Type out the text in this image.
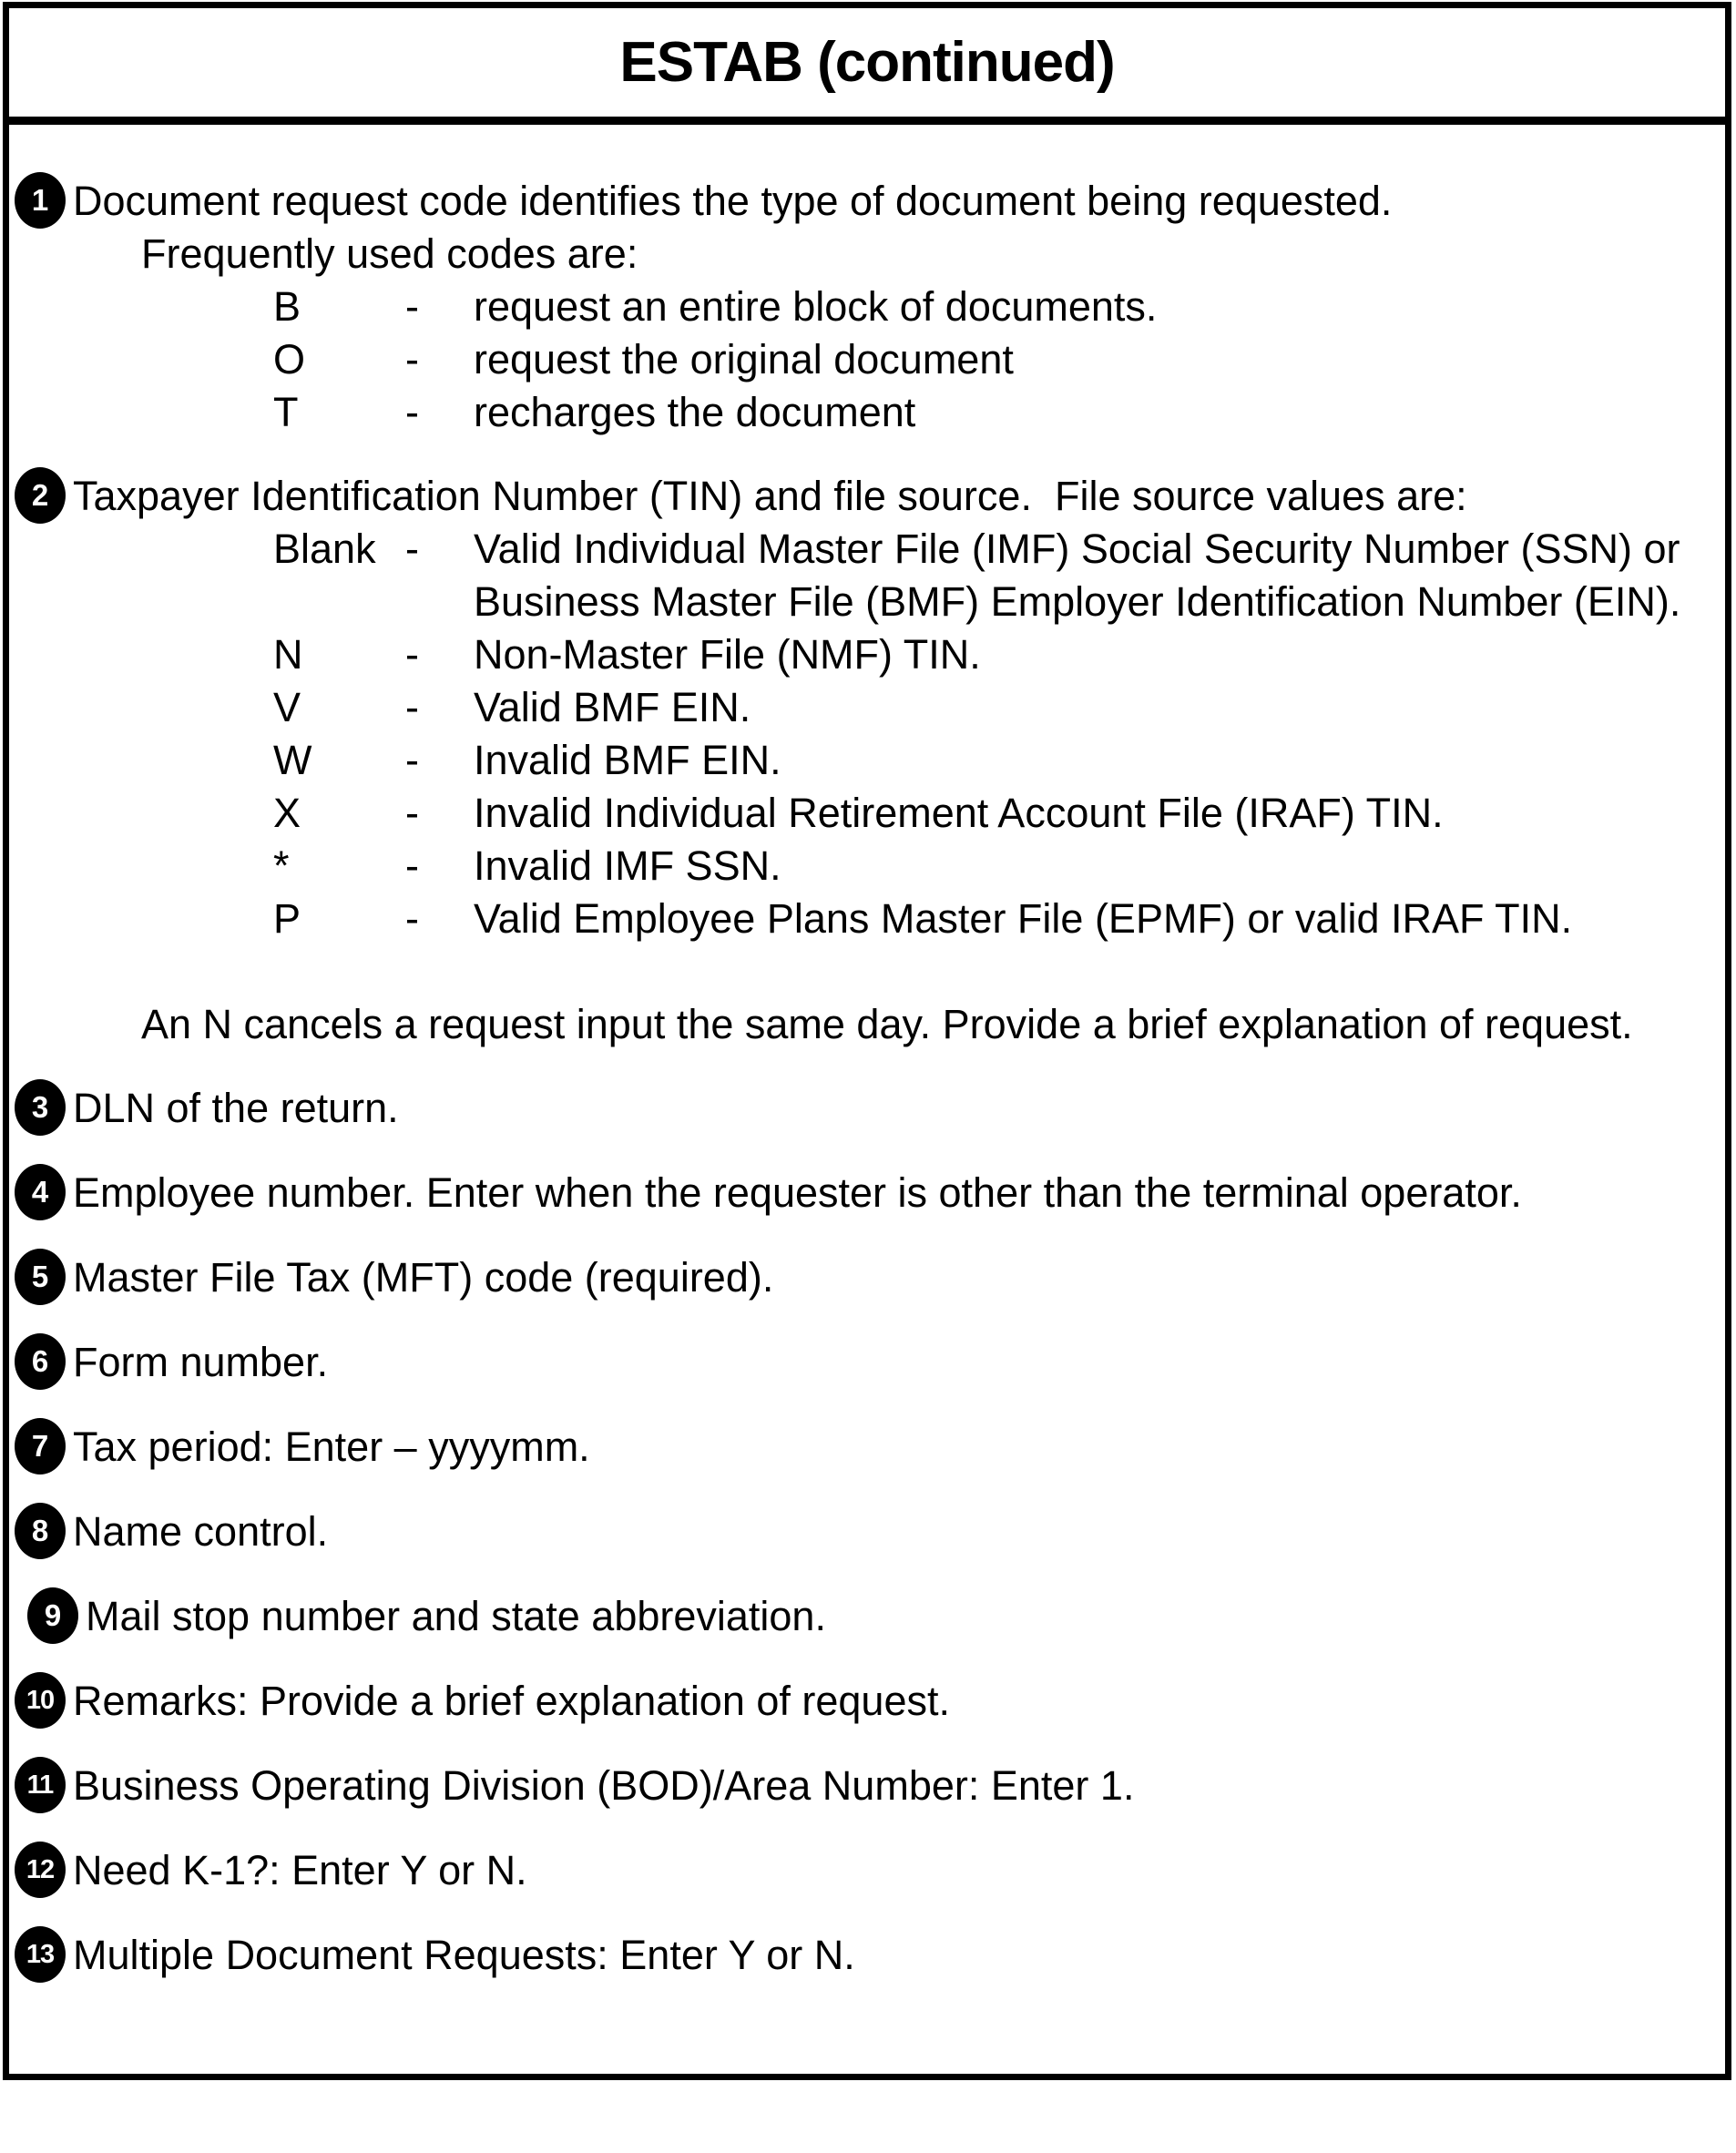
ESTAB (continued)
1 Document request code identifies the type of document being requested.
Frequently used codes are:
B	-	request an entire block of documents.
O	-	request the original document
T	-	recharges the document
2 Taxpayer Identification Number (TIN) and file source.  File source values are:
Blank -	Valid Individual Master File (IMF) Social Security Number (SSN) or Business Master File (BMF) Employer Identification Number (EIN).
N	-	Non-Master File (NMF) TIN.
V	-	Valid BMF EIN.
W	-	Invalid BMF EIN.
X	-	Invalid Individual Retirement Account File (IRAF) TIN.
*	-	Invalid IMF SSN.
P	-	Valid Employee Plans Master File (EPMF) or valid IRAF TIN.
An N cancels a request input the same day. Provide a brief explanation of request.
3 DLN of the return.
4 Employee number. Enter when the requester is other than the terminal operator.
5 Master File Tax (MFT) code (required).
6 Form number.
7 Tax period: Enter – yyyymm.
8 Name control.
9 Mail stop number and state abbreviation.
10 Remarks: Provide a brief explanation of request.
11 Business Operating Division (BOD)/Area Number: Enter 1.
12 Need K-1?: Enter Y or N.
13 Multiple Document Requests: Enter Y or N.
